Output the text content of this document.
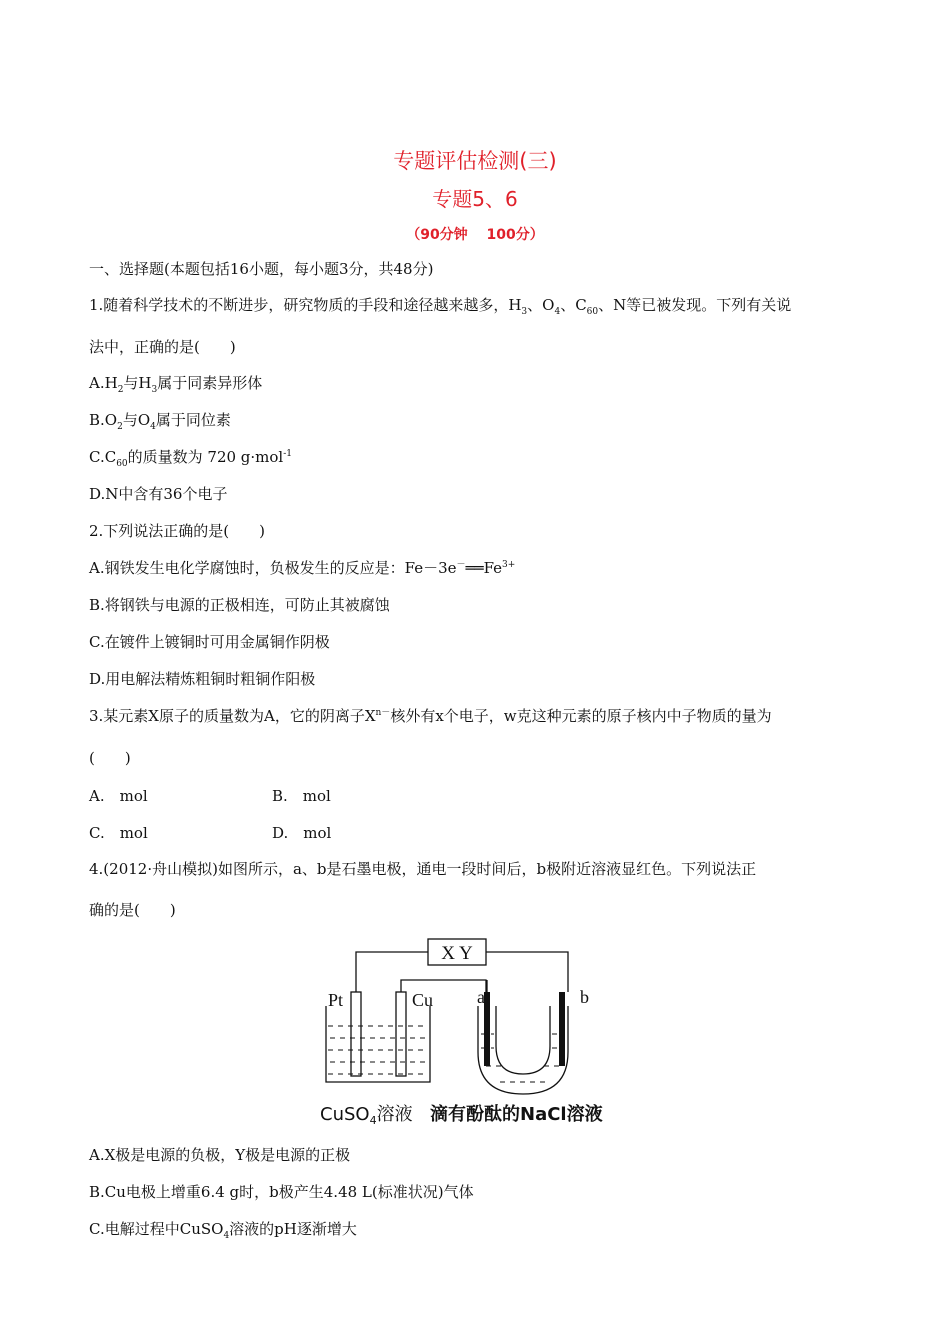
专题评估检测(三)
专题5、6
（90分钟　 100分）
一、选择题(本题包括16小题，每小题3分，共48分)
1.随着科学技术的不断进步，研究物质的手段和途径越来越多，$H_3$、$O_4$、$C_{60}$、N等已被发现。下列有关说
法中，正确的是(　　)
$A.H_2$与$H_3$属于同素异形体
$B.O_2$与$O_4$属于同位素
$C.C_{60}$的质量数为 720 g·mol$^{-1}$
D.N中含有36个电子
2.下列说法正确的是(　　)
A.钢铁发生电化学腐蚀时，负极发生的反应是：$Fe-3e^-══Fe^{3+}$
B.将钢铁与电源的正极相连，可防止其被腐蚀
C.在镀件上镀铜时可用金属铜作阴极
D.用电解法精炼粗铜时粗铜作阳极
3.某元素X原子的质量数为A，它的阴离子$X^{n-}$核外有x个电子，w克这种元素的原子核内中子物质的量为
(　　)
A.　mol	B.　mol
C.　mol	D.　mol
4.(2012·舟山模拟)如图所示，a、b是石墨电极，通电一段时间后，b极附近溶液显红色。下列说法正
确的是(　　)
X Y
Pt	Cu a	b
CuSO$_4$溶液 滴有酚酞的NaCl溶液
A.X极是电源的负极，Y极是电源的正极
B.Cu电极上增重6.4 g时，b极产生4.48 L(标准状况)气体
C.电解过程中CuSO$_4$溶液的pH逐渐增大
